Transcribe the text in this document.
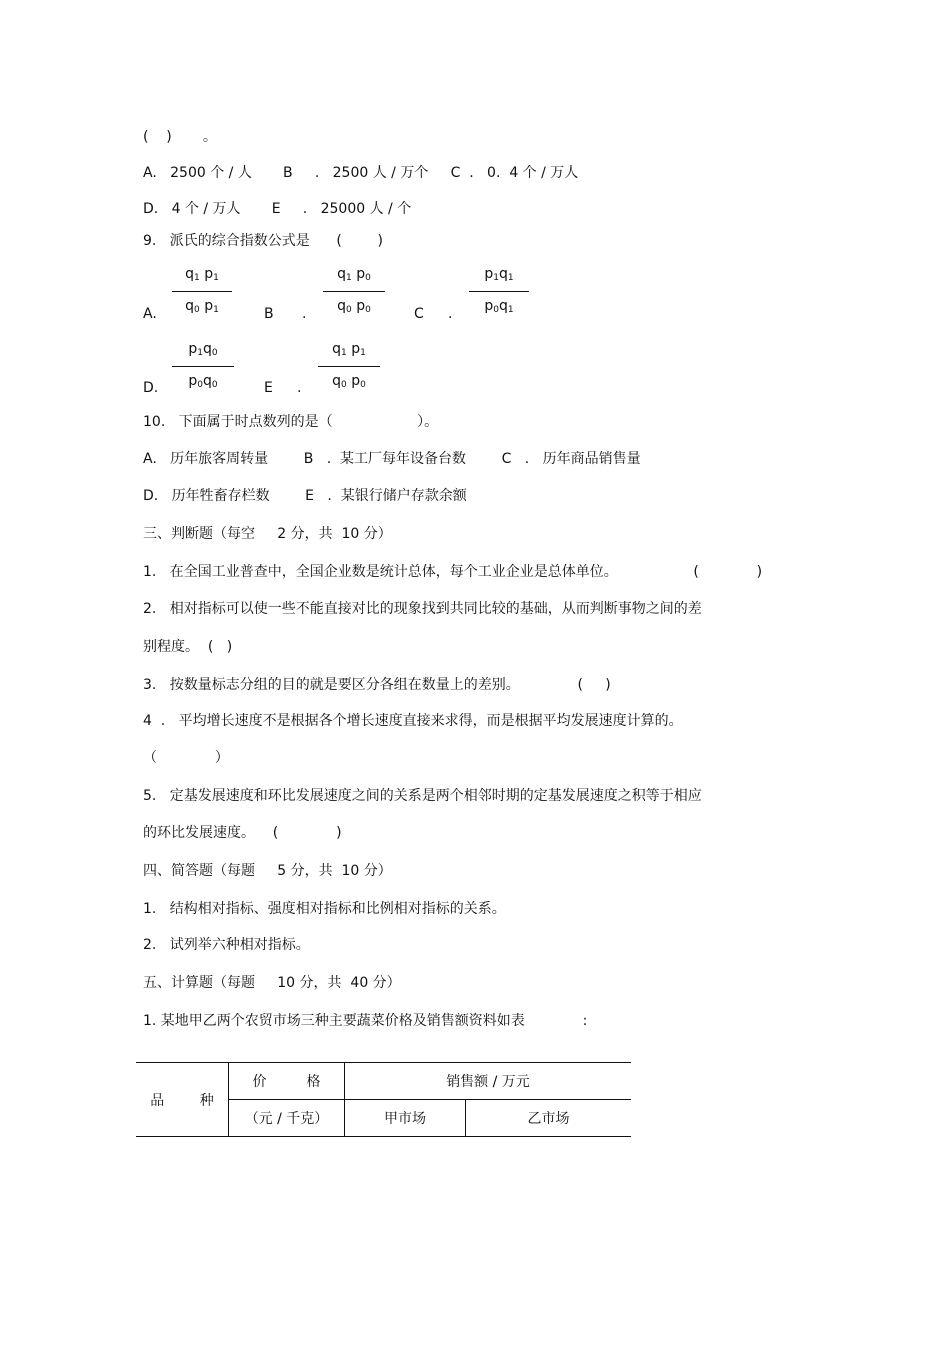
(    )       。
A.   2500 个 / 人       B     .   2500 人 / 万个     C  .   0.  4 个 / 万人
D.   4 个 / 万人       E     .   25000 人 / 个
9.   派氏的综合指数公式是      (        )
A.
$q_1$ $p_1$
$q_0$ $p_1$	B .
$q_1$ $p_0$
$q_0$ $p_0$	C .
$p_1q_1$
$p_0q_1$
D.
$p_1q_0$
$p_0q_0$	E .
$q_1$ $p_1$
$q_0$ $p_0$
10.   下面属于时点数列的是（                   ）。
A.   历年旅客周转量        B   .  某工厂每年设备台数        C   .   历年商品销售量
D.   历年牲畜存栏数        E   .  某银行储户存款余额
三、判断题（每空     2 分，共  10 分）
1.   在全国工业普查中，全国企业数是统计总体，每个工业企业是总体单位。                 (             )
2.   相对指标可以使一些不能直接对比的现象找到共同比较的基础，从而判断事物之间的差
别程度。  (   )
3.   按数量标志分组的目的就是要区分各组在数量上的差别。             (     )
4  .   平均增长速度不是根据各个增长速度直接来求得，而是根据平均发展速度计算的。
（             ）
5.   定基发展速度和环比发展速度之间的关系是两个相邻时期的定基发展速度之积等于相应
的环比发展速度。    (             )
四、简答题（每题     5 分，共  10 分）
1.   结构相对指标、强度相对指标和比例相对指标的关系。
2.   试列举六种相对指标。
五、计算题（每题     10 分，共  40 分）
1. 某地甲乙两个农贸市场三种主要蔬菜价格及销售额资料如表             :
品        种	价         格	销售额 / 万元	
	（元 / 千克）	甲市场	乙市场
